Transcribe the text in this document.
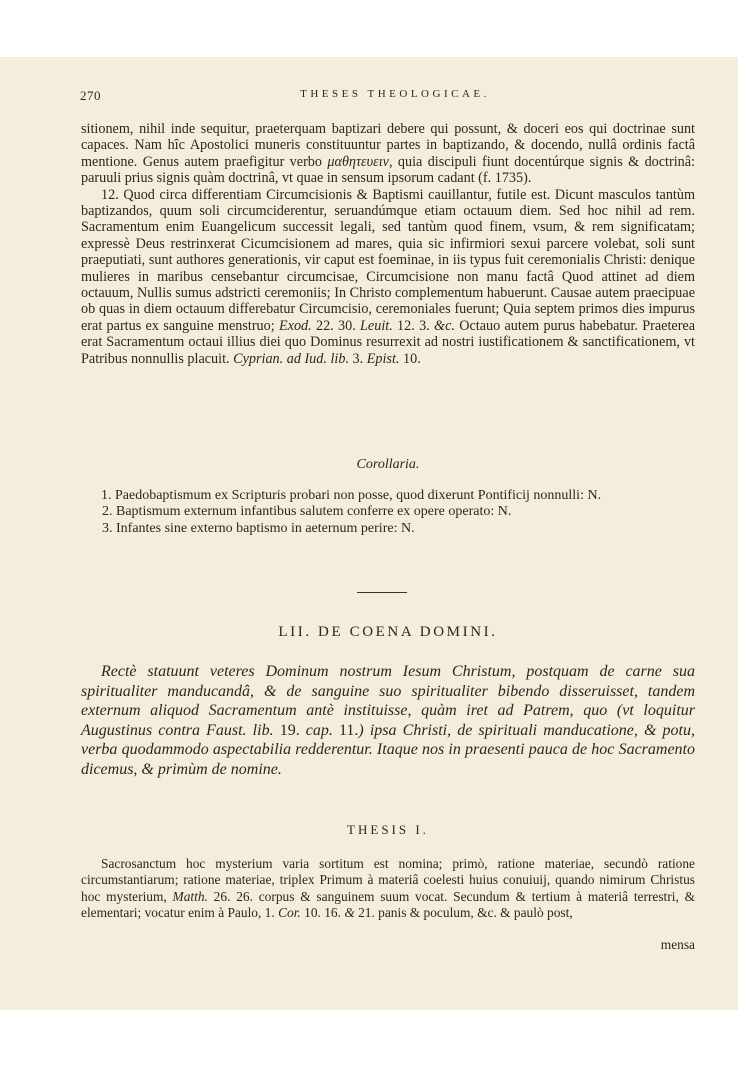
270	THESES THEOLOGICAE.

sitionem, nihil inde sequitur, praeterquam baptizari debere qui possunt, & doceri eos qui doctrinae sunt capaces. Nam hîc Apostolici muneris constituuntur partes in baptizando, & docendo, nullâ ordinis factâ mentione. Genus autem praefigitur verbo μαθητευειν, quia discipuli fiunt docentúrque signis & doctrinâ: paruuli prius signis quàm doctrinâ, vt quae in sensum ipsorum cadant (f. 1735).

12. Quod circa differentiam Circumcisionis & Baptismi cauillantur, futile est. Dicunt masculos tantùm baptizandos, quum soli circumciderentur, seruandúmque etiam octauum diem. Sed hoc nihil ad rem. Sacramentum enim Euangelicum successit legali, sed tantùm quod finem, vsum, & rem significatam; expressè Deus restrinxerat Cicumcisionem ad mares, quia sic infirmiori sexui parcere volebat, soli sunt praeputiati, sunt authores generationis, vir caput est foeminae, in iis typus fuit ceremonialis Christi: denique mulieres in maribus censebantur circumcisae, Circumcisione non manu factâ Quod attinet ad diem octauum, Nullis sumus adstricti ceremoniis; In Christo complementum habuerunt. Causae autem praecipuae ob quas in diem octauum differebatur Circumcisio, ceremoniales fuerunt; Quia septem primos dies impurus erat partus ex sanguine menstruo; Exod. 22. 30. Leuit. 12. 3. &c. Octauo autem purus habebatur. Praeterea erat Sacramentum octaui illius diei quo Dominus resurrexit ad nostri iustificationem & sanctificationem, vt Patribus nonnullis placuit. Cyprian. ad Iud. lib. 3. Epist. 10.

Corollaria.

1. Paedobaptismum ex Scripturis probari non posse, quod dixerunt Pontificij nonnulli: N.

2. Baptismum externum infantibus salutem conferre ex opere operato: N.

3. Infantes sine externo baptismo in aeternum perire: N.

LII. DE COENA DOMINI.

Rectè statuunt veteres Dominum nostrum Iesum Christum, postquam de carne sua spiritualiter manducandâ, & de sanguine suo spiritualiter bibendo disseruisset, tandem externum aliquod Sacramentum antè instituisse, quàm iret ad Patrem, quo (vt loquitur Augustinus contra Faust. lib. 19. cap. 11.) ipsa Christi, de spirituali manducatione, & potu, verba quodammodo aspectabilia redderentur. Itaque nos in praesenti pauca de hoc Sacramento dicemus, & primùm de nomine.

THESIS I.

Sacrosanctum hoc mysterium varia sortitum est nomina; primò, ratione materiae, secundò ratione circumstantiarum; ratione materiae, triplex Primum à materiâ coelesti huius conuiuij, quando nimirum Christus hoc mysterium, Matth. 26. 26. corpus & sanguinem suum vocat. Secundum & tertium à materiâ terrestri, & elementari; vocatur enim à Paulo, 1. Cor. 10. 16. & 21. panis & poculum, &c. & paulò post,

mensa
